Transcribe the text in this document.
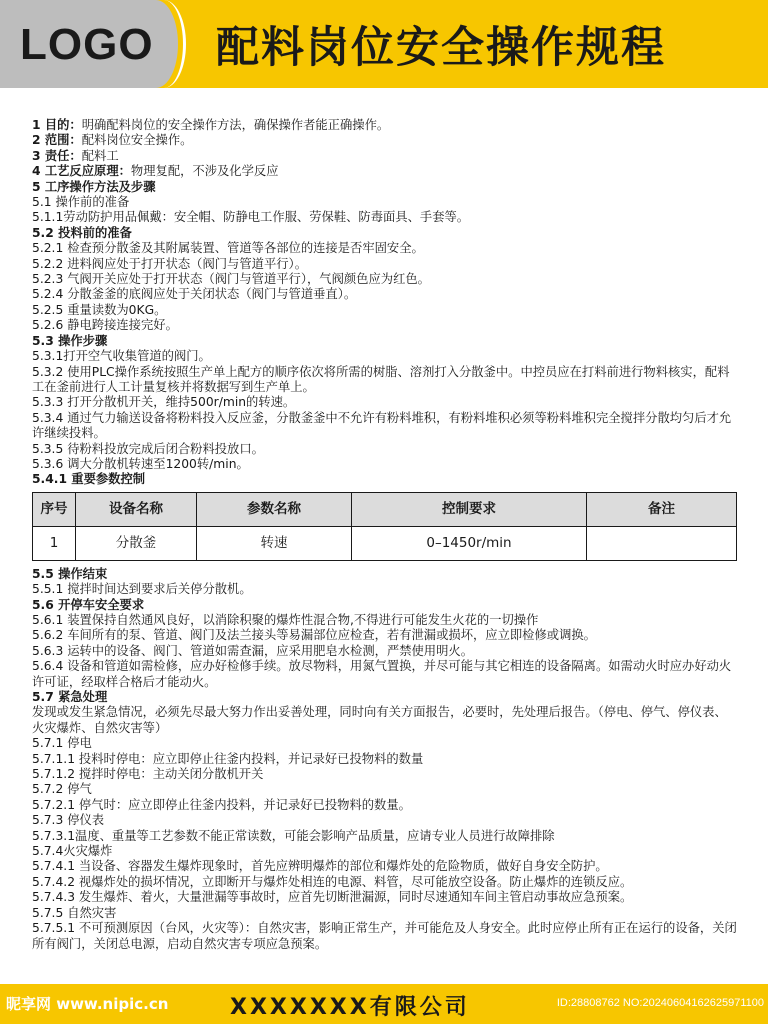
LOGO 配料岗位安全操作规程
1 目的：明确配料岗位的安全操作方法，确保操作者能正确操作。
2 范围：配料岗位安全操作。
3 责任：配料工
4 工艺反应原理：物理复配，不涉及化学反应
5 工序操作方法及步骤
5.1 操作前的准备
5.1.1劳动防护用品佩戴：安全帽、防静电工作服、劳保鞋、防毒面具、手套等。
5.2 投料前的准备
5.2.1 检查预分散釜及其附属装置、管道等各部位的连接是否牢固安全。
5.2.2 进料阀应处于打开状态（阀门与管道平行）。
5.2.3 气阀开关应处于打开状态（阀门与管道平行），气阀颜色应为红色。
5.2.4 分散釜釜的底阀应处于关闭状态（阀门与管道垂直）。
5.2.5 重量读数为0KG。
5.2.6 静电跨接连接完好。
5.3 操作步骤
5.3.1打开空气收集管道的阀门。
5.3.2 使用PLC操作系统按照生产单上配方的顺序依次将所需的树脂、溶剂打入分散釜中。中控员应在打料前进行物料核实，配料工在釜前进行人工计量复核并将数据写到生产单上。
5.3.3 打开分散机开关，维持500r/min的转速。
5.3.4 通过气力输送设备将粉料投入反应釜，分散釜釜中不允许有粉料堆积，有粉料堆积必须等粉料堆积完全搅拌分散均匀后才允许继续投料。
5.3.5 待粉料投放完成后闭合粉料投放口。
5.3.6 调大分散机转速至1200转/min。
5.4.1 重要参数控制
序号	设备名称	参数名称	控制要求	备注
1	分散釜	转速	0–1450r/min	
5.5 操作结束
5.5.1 搅拌时间达到要求后关停分散机。
5.6 开停车安全要求
5.6.1 装置保持自然通风良好，以消除积聚的爆炸性混合物,不得进行可能发生火花的一切操作
5.6.2 车间所有的泵、管道、阀门及法兰接头等易漏部位应检查，若有泄漏或损坏，应立即检修或调换。
5.6.3 运转中的设备、阀门、管道如需查漏，应采用肥皂水检测，严禁使用明火。
5.6.4 设备和管道如需检修，应办好检修手续。放尽物料，用氮气置换，并尽可能与其它相连的设备隔离。如需动火时应办好动火许可证，经取样合格后才能动火。
5.7 紧急处理
发现或发生紧急情况，必须先尽最大努力作出妥善处理，同时向有关方面报告，必要时，先处理后报告。（停电、停气、停仪表、火灾爆炸、自然灾害等）
5.7.1 停电
5.7.1.1 投料时停电：应立即停止往釜内投料，并记录好已投物料的数量
5.7.1.2 搅拌时停电：主动关闭分散机开关
5.7.2 停气
5.7.2.1 停气时：应立即停止往釜内投料，并记录好已投物料的数量。
5.7.3 停仪表
5.7.3.1温度、重量等工艺参数不能正常读数，可能会影响产品质量，应请专业人员进行故障排除
5.7.4火灾爆炸
5.7.4.1 当设备、容器发生爆炸现象时，首先应辨明爆炸的部位和爆炸处的危险物质，做好自身安全防护。
5.7.4.2 视爆炸处的损坏情况，立即断开与爆炸处相连的电源、料管，尽可能放空设备。防止爆炸的连锁反应。
5.7.4.3 发生爆炸、着火，大量泄漏等事故时，应首先切断泄漏源，同时尽速通知车间主管启动事故应急预案。
5.7.5 自然灾害
5.7.5.1 不可预测原因（台风，火灾等）：自然灾害，影响正常生产，并可能危及人身安全。此时应停止所有正在运行的设备，关闭所有阀门，关闭总电源，启动自然灾害专项应急预案。
昵享网 www.nipic.cn	XXXXXXX有限公司	ID:28808762 NO:20240604162625971100
